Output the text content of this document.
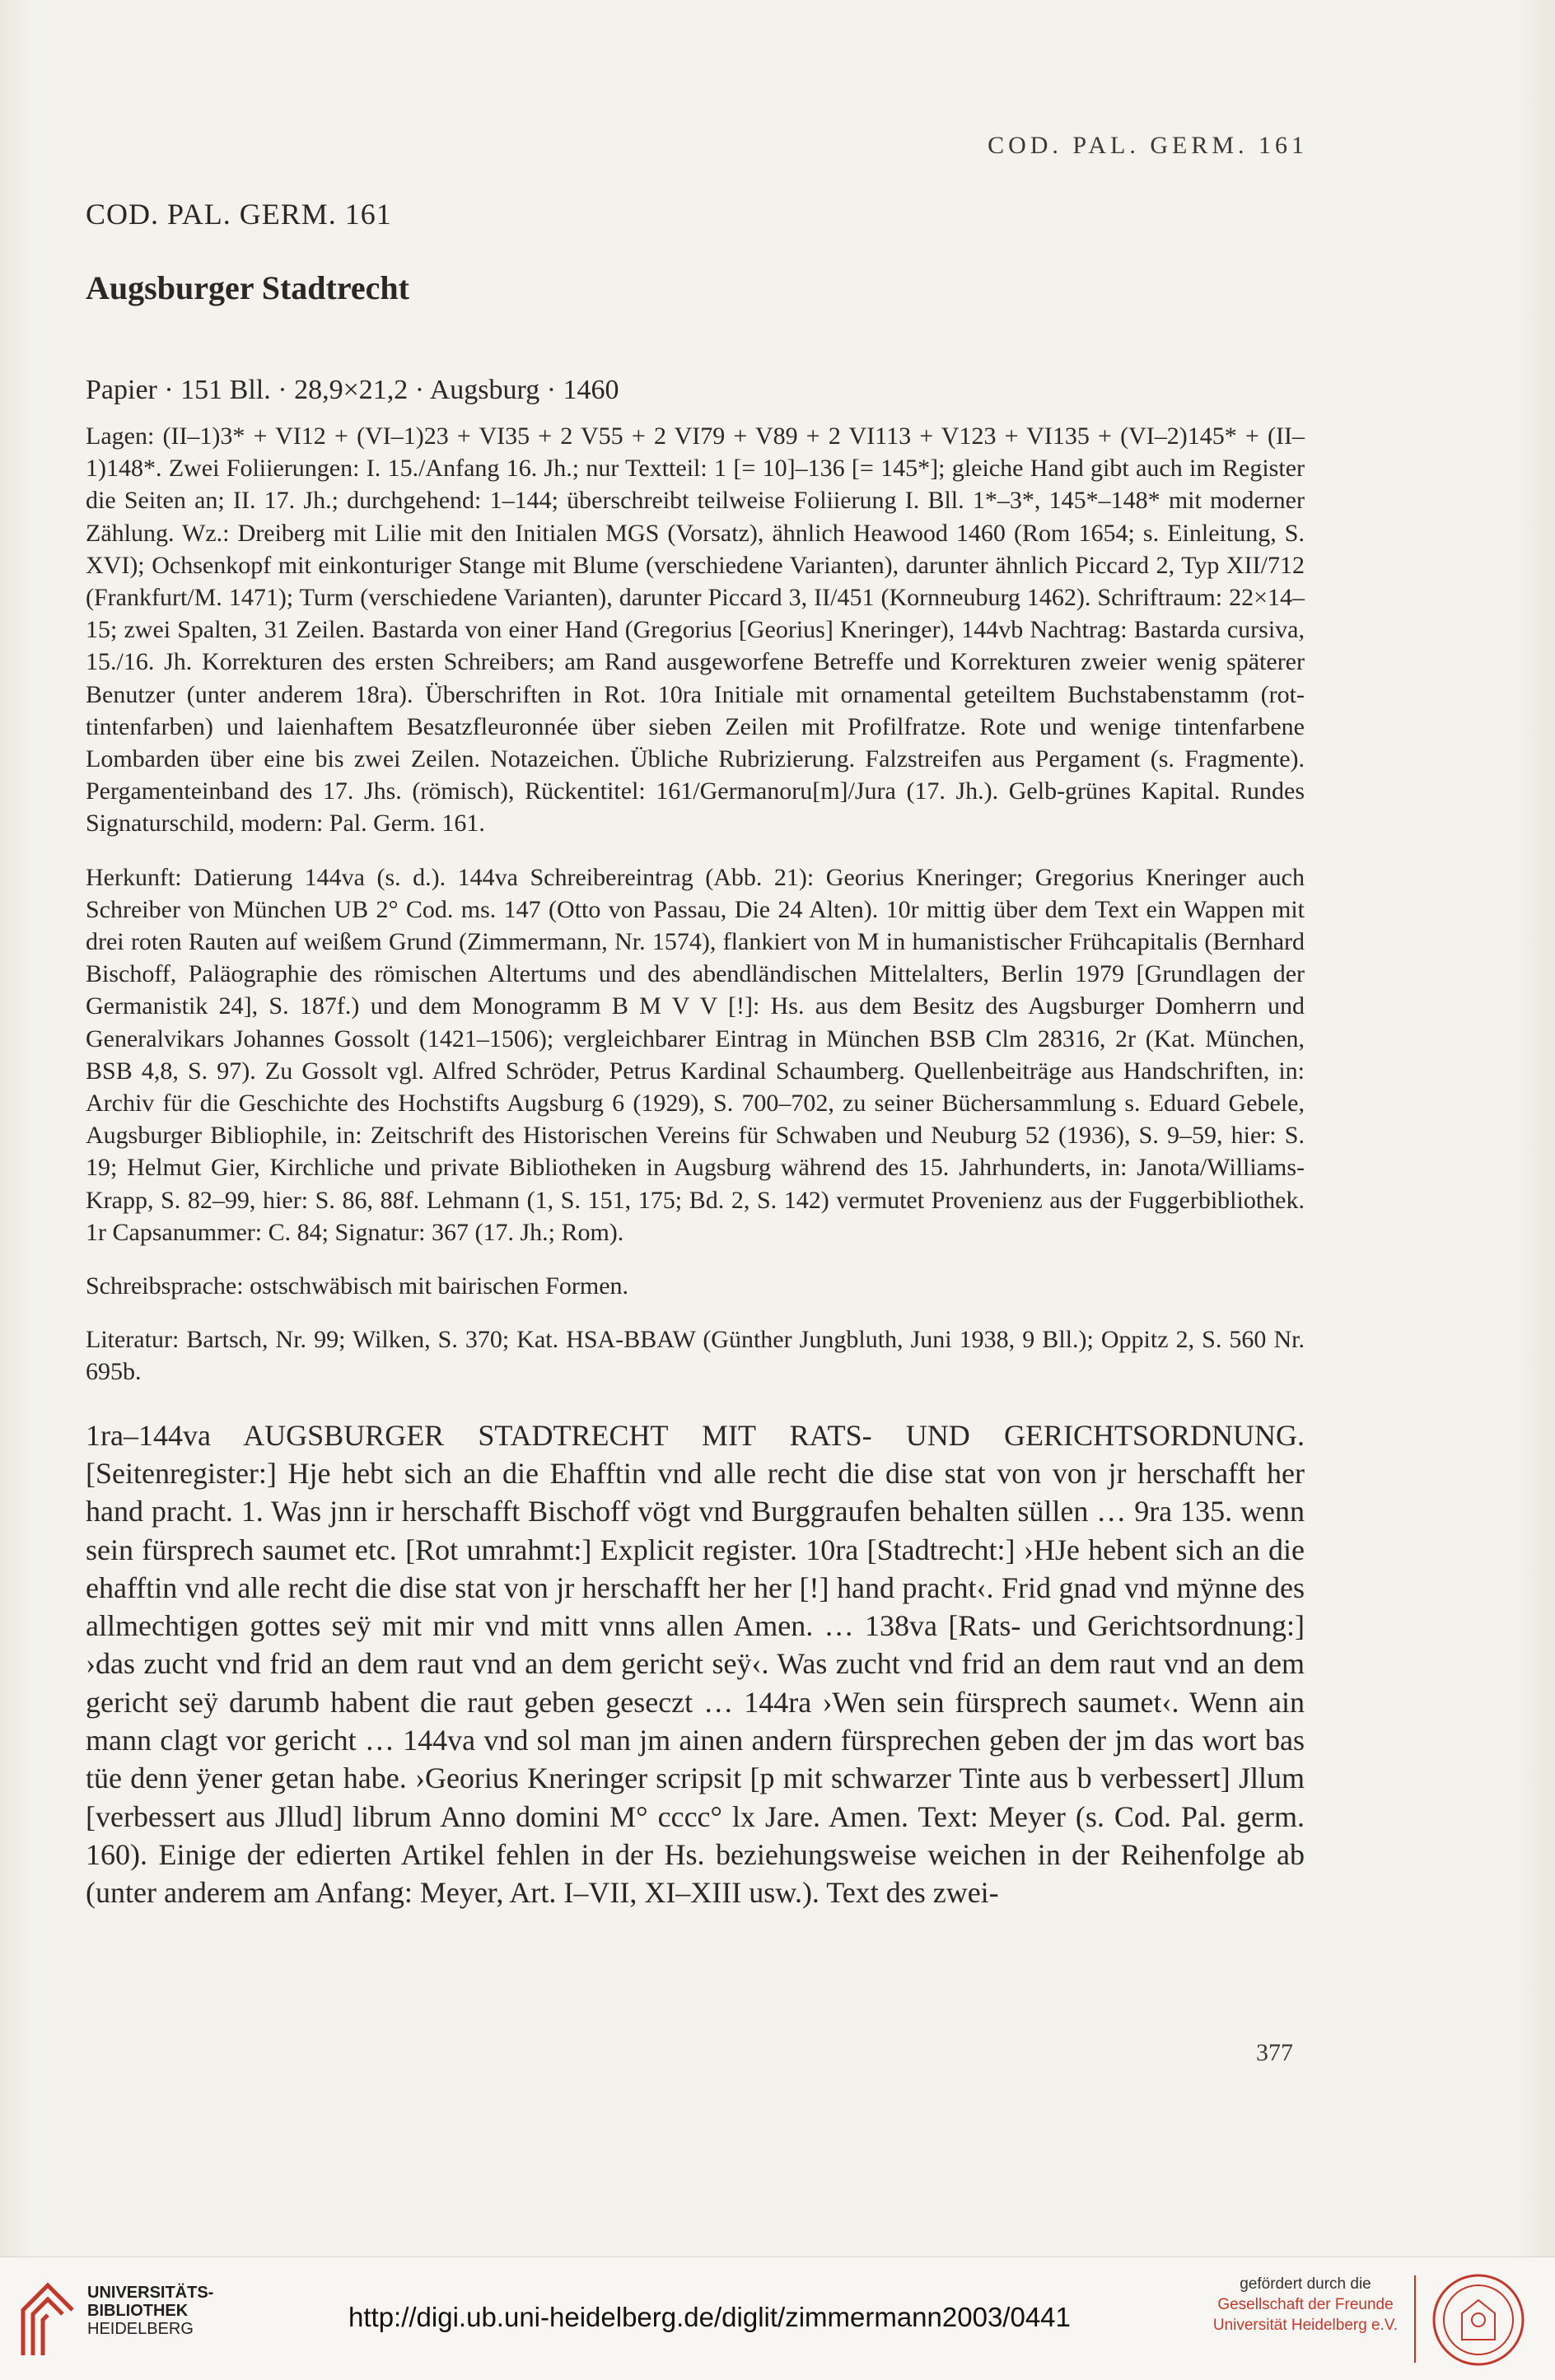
COD. PAL. GERM. 161

COD. PAL. GERM. 161

Augsburger Stadtrecht

Papier · 151 Bll. · 28,9×21,2 · Augsburg · 1460

Lagen: (II–1)3* + VI12 + (VI–1)23 + VI35 + 2 V55 + 2 VI79 + V89 + 2 VI113 + V123 + VI135 + (VI–2)145* + (II–1)148*. Zwei Foliierungen: I. 15./Anfang 16. Jh.; nur Textteil: 1 [= 10]–136 [= 145*]; gleiche Hand gibt auch im Register die Seiten an; II. 17. Jh.; durchgehend: 1–144; überschreibt teilweise Foliierung I. Bll. 1*–3*, 145*–148* mit moderner Zählung. Wz.: Dreiberg mit Lilie mit den Initialen MGS (Vorsatz), ähnlich Heawood 1460 (Rom 1654; s. Einleitung, S. XVI); Ochsenkopf mit einkonturiger Stange mit Blume (verschiedene Varianten), darunter ähnlich Piccard 2, Typ XII/712 (Frankfurt/M. 1471); Turm (verschiedene Varianten), darunter Piccard 3, II/451 (Kornneuburg 1462). Schriftraum: 22×14–15; zwei Spalten, 31 Zeilen. Bastarda von einer Hand (Gregorius [Georius] Kneringer), 144vb Nachtrag: Bastarda cursiva, 15./16. Jh. Korrekturen des ersten Schreibers; am Rand ausgeworfene Betreffe und Korrekturen zweier wenig späterer Benutzer (unter anderem 18ra). Überschriften in Rot. 10ra Initiale mit ornamental geteiltem Buchstabenstamm (rot-tintenfarben) und laienhaftem Besatzfleuronnée über sieben Zeilen mit Profilfratze. Rote und wenige tintenfarbene Lombarden über eine bis zwei Zeilen. Notazeichen. Übliche Rubrizierung. Falzstreifen aus Pergament (s. Fragmente). Pergamenteinband des 17. Jhs. (römisch), Rückentitel: 161/Germanoru[m]/Jura (17. Jh.). Gelb-grünes Kapital. Rundes Signaturschild, modern: Pal. Germ. 161.

Herkunft: Datierung 144va (s. d.). 144va Schreibereintrag (Abb. 21): Georius Kneringer; Gregorius Kneringer auch Schreiber von München UB 2° Cod. ms. 147 (Otto von Passau, Die 24 Alten). 10r mittig über dem Text ein Wappen mit drei roten Rauten auf weißem Grund (Zimmermann, Nr. 1574), flankiert von M in humanistischer Frühcapitalis (Bernhard Bischoff, Paläographie des römischen Altertums und des abendländischen Mittelalters, Berlin 1979 [Grundlagen der Germanistik 24], S. 187f.) und dem Monogramm B M V V [!]: Hs. aus dem Besitz des Augsburger Domherrn und Generalvikars Johannes Gossolt (1421–1506); vergleichbarer Eintrag in München BSB Clm 28316, 2r (Kat. München, BSB 4,8, S. 97). Zu Gossolt vgl. Alfred Schröder, Petrus Kardinal Schaumberg. Quellenbeiträge aus Handschriften, in: Archiv für die Geschichte des Hochstifts Augsburg 6 (1929), S. 700–702, zu seiner Büchersammlung s. Eduard Gebele, Augsburger Bibliophile, in: Zeitschrift des Historischen Vereins für Schwaben und Neuburg 52 (1936), S. 9–59, hier: S. 19; Helmut Gier, Kirchliche und private Bibliotheken in Augsburg während des 15. Jahrhunderts, in: Janota/Williams-Krapp, S. 82–99, hier: S. 86, 88f. Lehmann (1, S. 151, 175; Bd. 2, S. 142) vermutet Provenienz aus der Fuggerbibliothek. 1r Capsanummer: C. 84; Signatur: 367 (17. Jh.; Rom).

Schreibsprache: ostschwäbisch mit bairischen Formen.

Literatur: Bartsch, Nr. 99; Wilken, S. 370; Kat. HSA-BBAW (Günther Jungbluth, Juni 1938, 9 Bll.); Oppitz 2, S. 560 Nr. 695b.

1ra–144va AUGSBURGER STADTRECHT MIT RATS- UND GERICHTSORDNUNG. [Seitenregister:] Hje hebt sich an die Ehafftin vnd alle recht die dise stat von von jr herschafft her hand pracht. 1. Was jnn ir herschafft Bischoff vögt vnd Burggraufen behalten süllen … 9ra 135. wenn sein fürsprech saumet etc. [Rot umrahmt:] Explicit register. 10ra [Stadtrecht:] ›HJe hebent sich an die ehafftin vnd alle recht die dise stat von jr herschafft her her [!] hand pracht‹. Frid gnad vnd mÿnne des allmechtigen gottes seÿ mit mir vnd mitt vnns allen Amen. … 138va [Rats- und Gerichtsordnung:] ›das zucht vnd frid an dem raut vnd an dem gericht seÿ‹. Was zucht vnd frid an dem raut vnd an dem gericht seÿ darumb habent die raut geben geseczt … 144ra ›Wen sein fürsprech saumet‹. Wenn ain mann clagt vor gericht … 144va vnd sol man jm ainen andern fürsprechen geben der jm das wort bas tüe denn ÿener getan habe. ›Georius Kneringer scripsit [p mit schwarzer Tinte aus b verbessert] Jllum [verbessert aus Jllud] librum Anno domini M° cccc° lx Jare. Amen. Text: Meyer (s. Cod. Pal. germ. 160). Einige der edierten Artikel fehlen in der Hs. beziehungsweise weichen in der Reihenfolge ab (unter anderem am Anfang: Meyer, Art. I–VII, XI–XIII usw.). Text des zwei-

377
UNIVERSITÄTS-
BIBLIOTHEK
HEIDELBERG	http://digi.ub.uni-heidelberg.de/diglit/zimmermann2003/0441
gefördert durch die
Gesellschaft der Freunde
Universität Heidelberg e.V.
